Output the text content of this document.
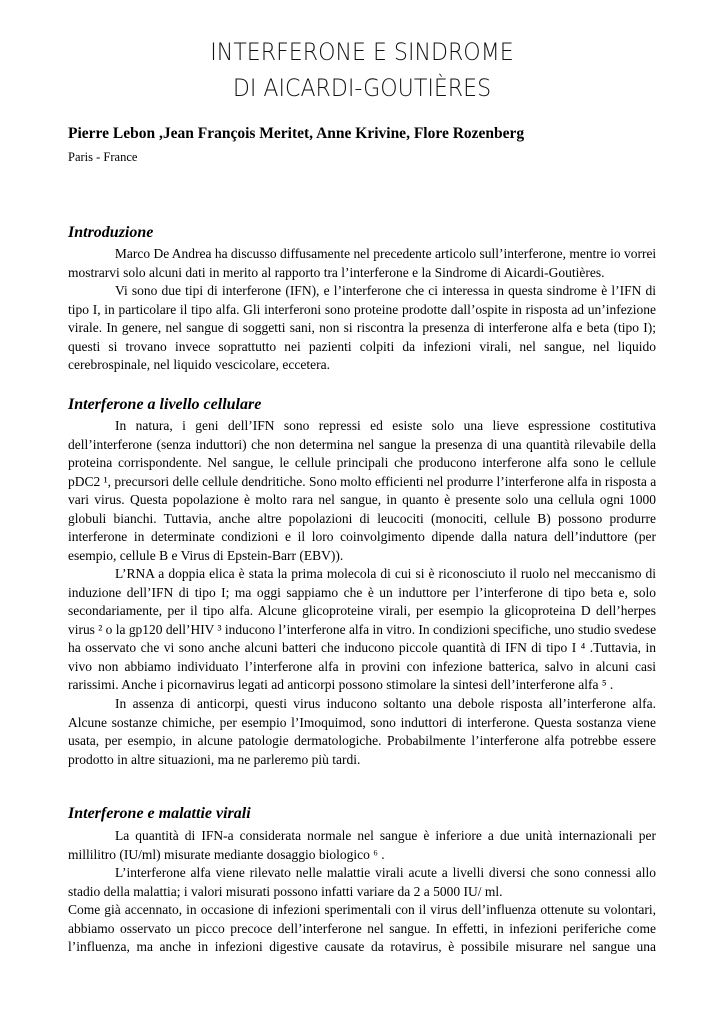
INTERFERONE E SINDROME
DI AICARDI-GOUTIÈRES
Pierre Lebon ,Jean François Meritet, Anne Krivine, Flore Rozenberg
Paris - France
Introduzione
Marco De Andrea ha discusso diffusamente nel precedente articolo sull’interferone, mentre io vorrei
mostrarvi solo alcuni dati in merito al rapporto tra l’interferone e la Sindrome di Aicardi-Goutières.
Vi sono due tipi di interferone (IFN), e l’interferone che ci interessa in questa sindrome è l’IFN di
tipo I, in particolare il tipo alfa. Gli interferoni sono proteine prodotte dall’ospite in risposta ad un’infezione
virale. In genere, nel sangue di soggetti sani, non si riscontra la presenza di interferone alfa e beta (tipo I);
questi si trovano invece soprattutto nei pazienti colpiti da infezioni virali, nel sangue, nel liquido
cerebrospinale, nel liquido vescicolare, eccetera.
Interferone a livello cellulare
In natura, i geni dell’IFN sono repressi ed esiste solo una lieve espressione costitutiva
dell’interferone (senza induttori) che non determina nel sangue la presenza di una quantità rilevabile della
proteina corrispondente. Nel sangue, le cellule principali che producono interferone alfa sono le cellule
pDC2 ¹, precursori delle cellule dendritiche. Sono molto efficienti nel produrre l’interferone alfa in risposta a
vari virus. Questa popolazione è molto rara nel sangue, in quanto è presente solo una cellula ogni 1000
globuli bianchi. Tuttavia, anche altre popolazioni di leucociti (monociti, cellule B) possono produrre
interferone in determinate condizioni e il loro coinvolgimento dipende dalla natura dell’induttore (per
esempio, cellule B e Virus di Epstein-Barr (EBV)).
L’RNA a doppia elica è stata la prima molecola di cui si è riconosciuto il ruolo nel meccanismo di
induzione dell’IFN di tipo I; ma oggi sappiamo che è un induttore per l’interferone di tipo beta e, solo
secondariamente, per il tipo alfa. Alcune glicoproteine virali, per esempio la glicoproteina D dell’herpes
virus ² o la gp120 dell’HIV ³ inducono l’interferone alfa in vitro. In condizioni specifiche, uno studio svedese
ha osservato che vi sono anche alcuni batteri che inducono piccole quantità di IFN di tipo I ⁴ .Tuttavia, in
vivo non abbiamo individuato l’interferone alfa in provini con infezione batterica, salvo in alcuni casi
rarissimi. Anche i picornavirus legati ad anticorpi possono stimolare la sintesi dell’interferone alfa ⁵ .
In assenza di anticorpi, questi virus inducono soltanto una debole risposta all’interferone alfa.
Alcune sostanze chimiche, per esempio l’Imoquimod, sono induttori di interferone. Questa sostanza viene
usata, per esempio, in alcune patologie dermatologiche. Probabilmente l’interferone alfa potrebbe essere
prodotto in altre situazioni, ma ne parleremo più tardi.
Interferone e malattie virali
La quantità di IFN-a considerata normale nel sangue è inferiore a due unità internazionali per
millilitro (IU/ml) misurate mediante dosaggio biologico ⁶ .
L’interferone alfa viene rilevato nelle malattie virali acute a livelli diversi che sono connessi allo
stadio della malattia; i valori misurati possono infatti variare da 2 a 5000 IU/ ml.
Come già accennato, in occasione di infezioni sperimentali con il virus dell’influenza ottenute su volontari,
abbiamo osservato un picco precoce dell’interferone nel sangue. In effetti, in infezioni periferiche come
l’influenza, ma anche in infezioni digestive causate da rotavirus, è possibile misurare nel sangue una
